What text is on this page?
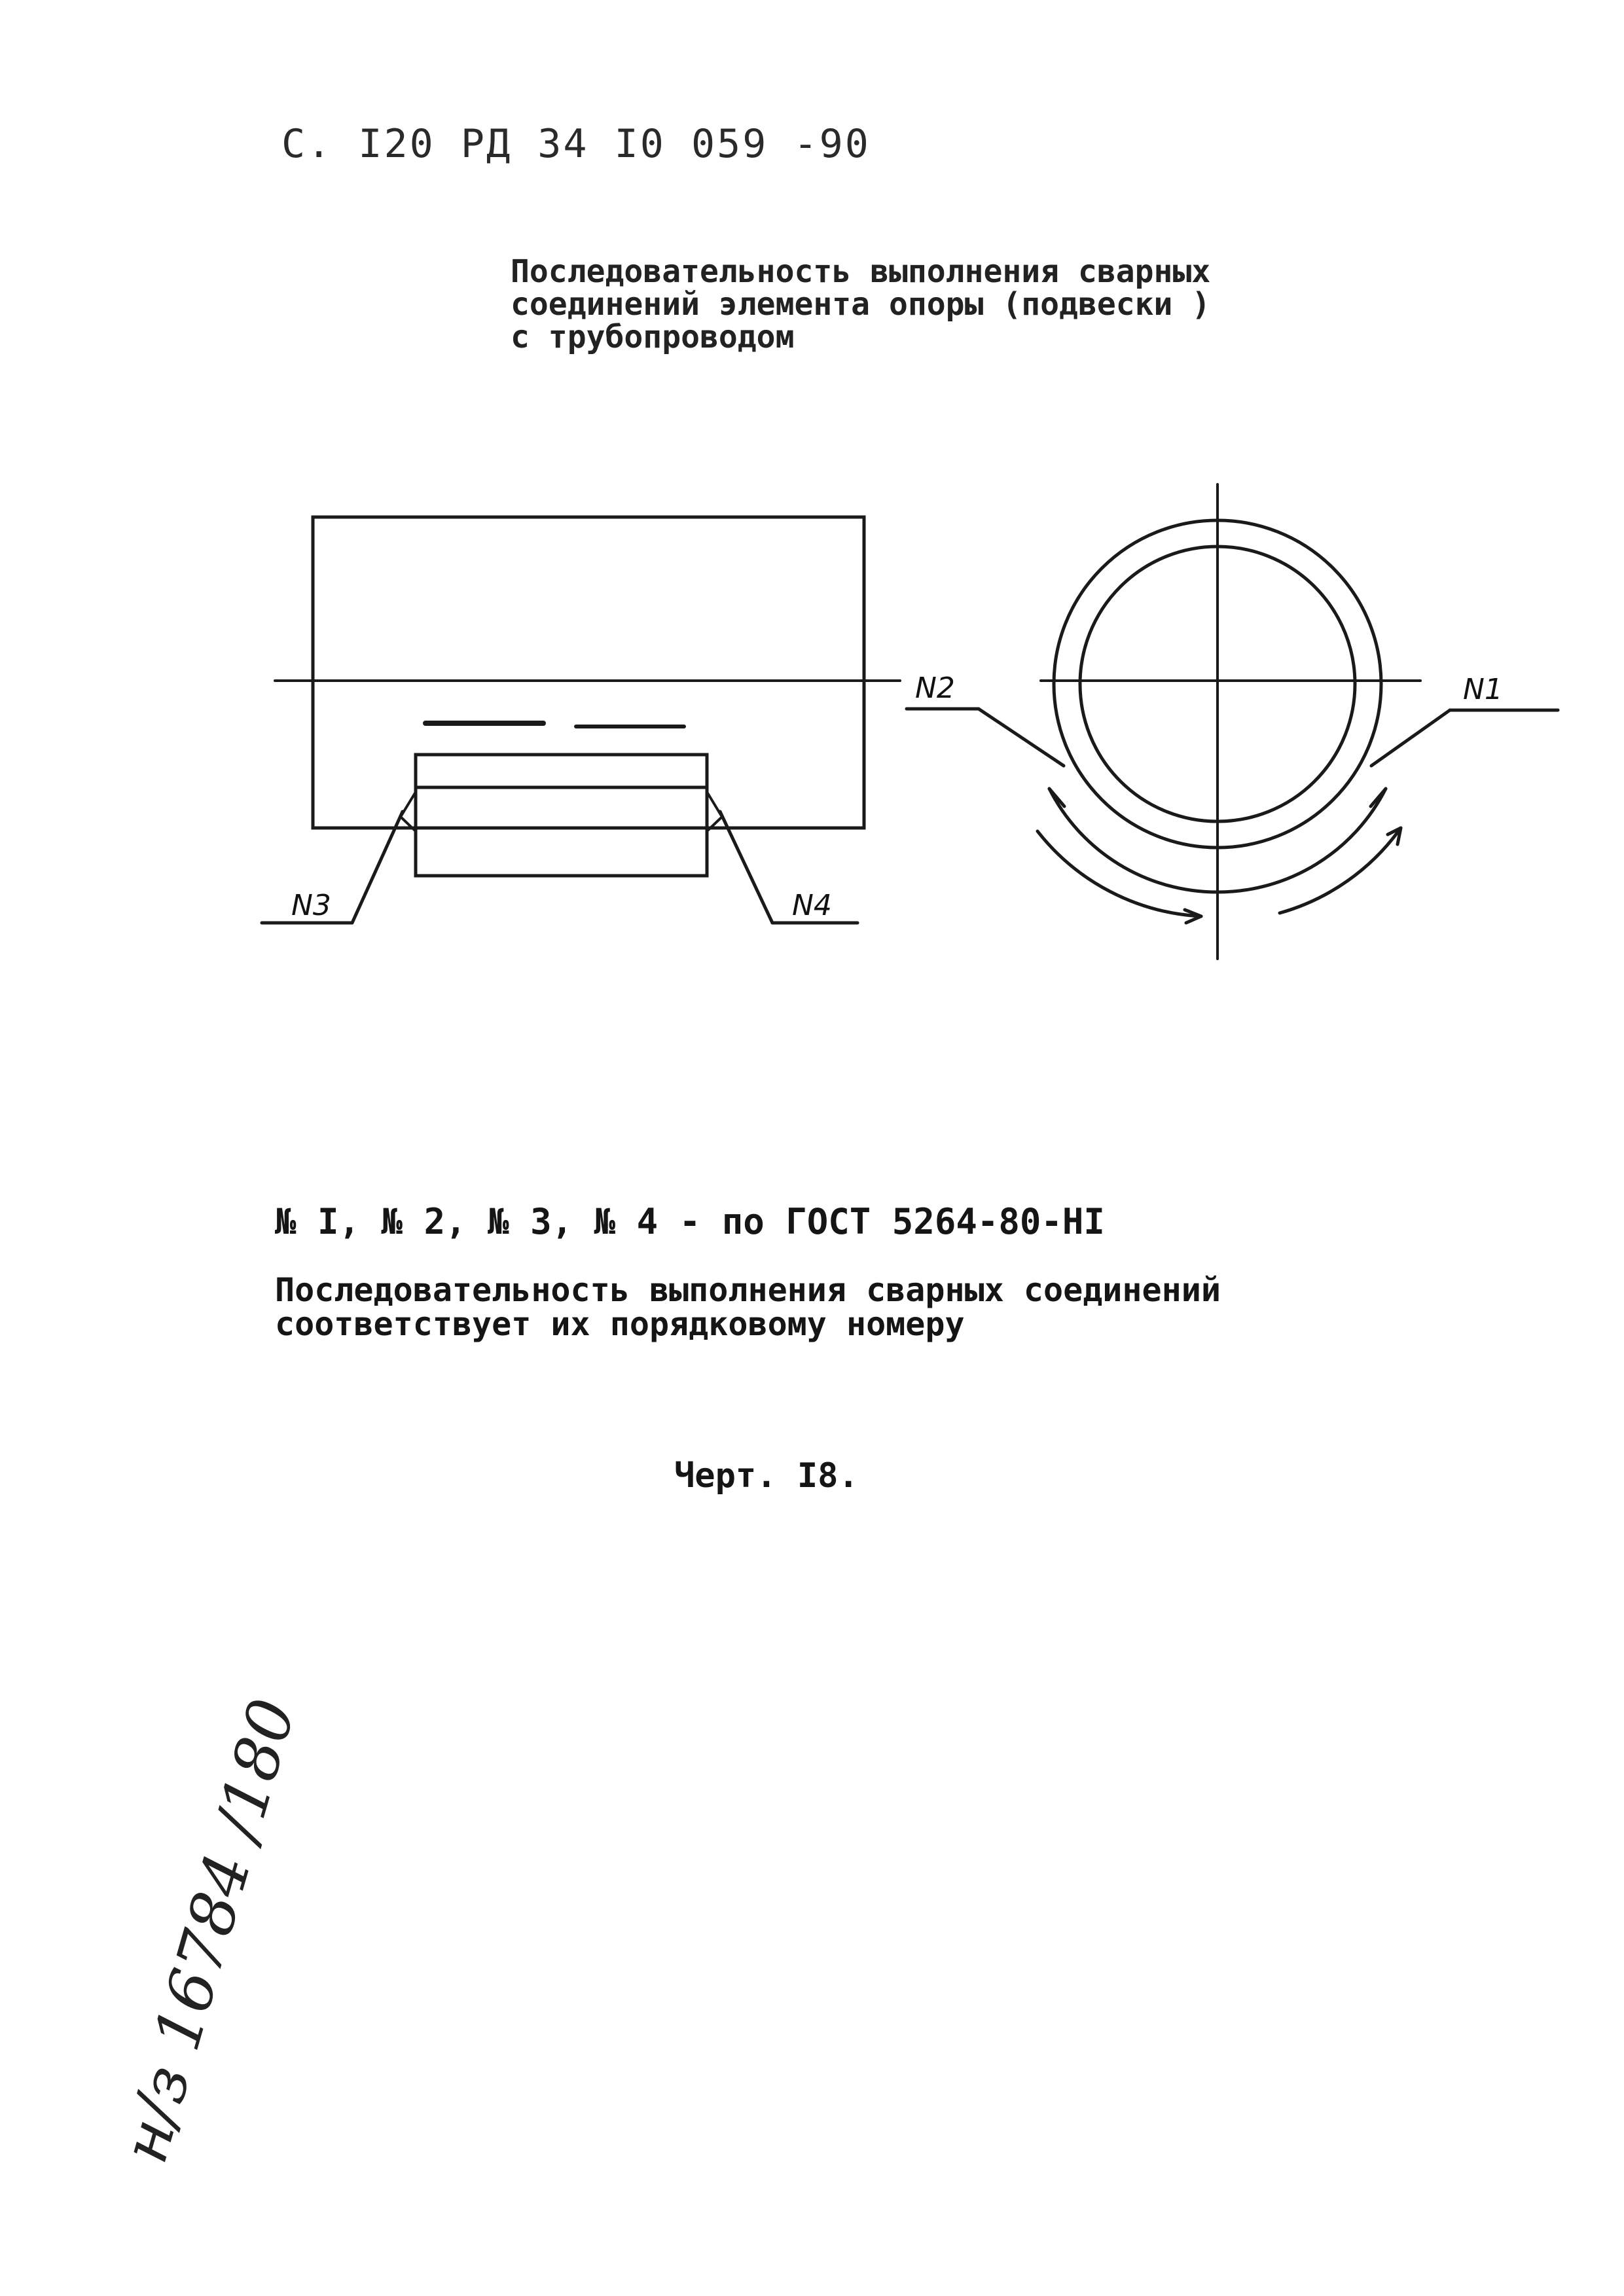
С. I20 РД 34 I0 059 -90
Последовательность выполнения сварных
соединений элемента опоры (подвески )
с трубопроводом
N3	N4
N2	N1
н/з 16784 /180
№ I, № 2, № 3, № 4 - по ГОСТ 5264-80-HI
Последовательность выполнения сварных соединений
соответствует их порядковому номеру
Черт. I8.
